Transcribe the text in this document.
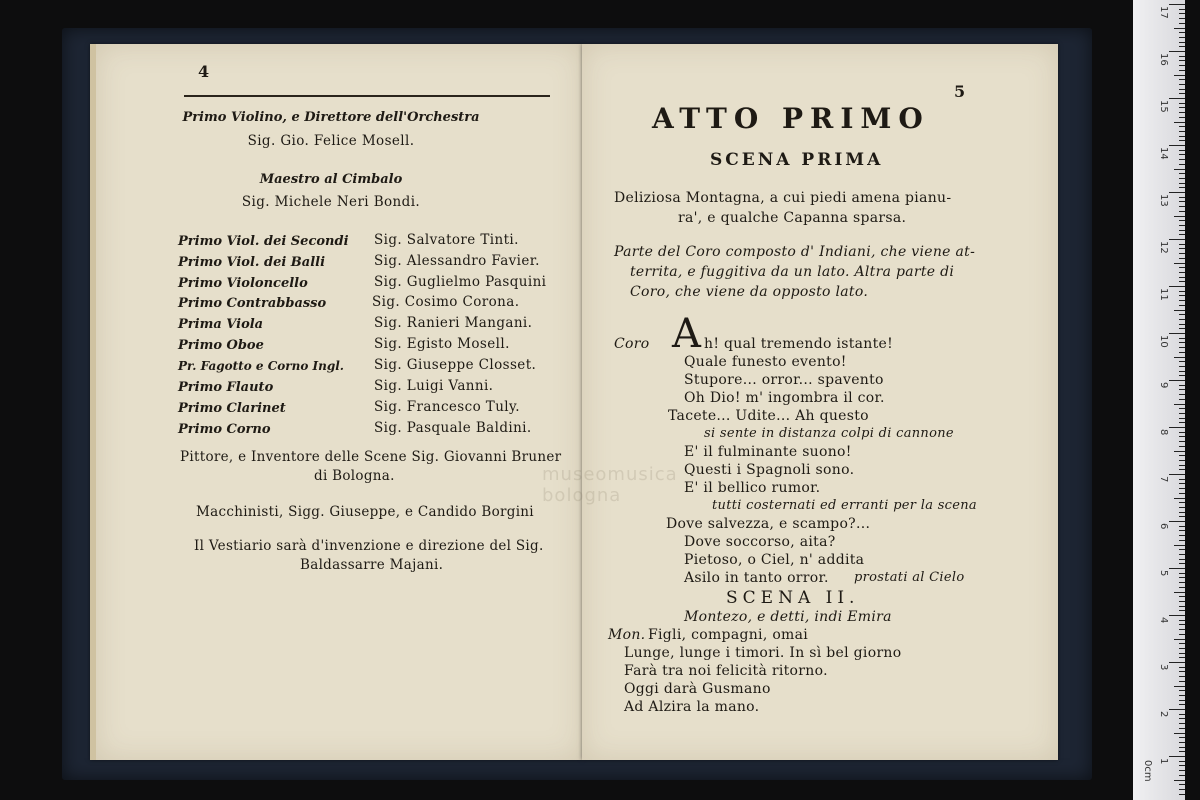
4
Primo Violino, e Direttore dell'Orchestra
Sig. Gio. Felice Mosell.
Maestro al Cimbalo
Sig. Michele Neri Bondi.
Primo Viol. dei Secondi Sig. Salvatore Tinti.
Primo Viol. dei Balli	Sig. Alessandro Favier.
Primo Violoncello	Sig. Guglielmo Pasquini
Primo Contrabbasso	Sig. Cosimo Corona.
Prima Viola	Sig. Ranieri Mangani.
Primo Oboe	Sig. Egisto Mosell.
Pr. Fagotto e Corno Ingl. Sig. Giuseppe Closset.
Primo Flauto	Sig. Luigi Vanni.
Primo Clarinet	Sig. Francesco Tuly.
Primo Corno	Sig. Pasquale Baldini.
Pittore, e Inventore delle Scene Sig. Giovanni Bruner
di Bologna.
Macchinisti, Sigg. Giuseppe, e Candido Borgini
Il Vestiario sarà d'invenzione e direzione del Sig.
Baldassarre Majani.
5
ATTO PRIMO
SCENA PRIMA
Deliziosa Montagna, a cui piedi amena pianu-
ra', e qualche Capanna sparsa.
Parte del Coro composto d' Indiani, che viene at-
territa, e fuggitiva da un lato. Altra parte di
Coro, che viene da opposto lato.
Coro A h! qual tremendo istante!
Quale funesto evento!
Stupore... orror... spavento
Oh Dio! m' ingombra il cor.
Tacete... Udite... Ah questo
si sente in distanza colpi di cannone
E' il fulminante suono!
Questi i Spagnoli sono.
E' il bellico rumor.
tutti costernati ed erranti per la scena
Dove salvezza, e scampo?...
Dove soccorso, aita?
Pietoso, o Ciel, n' addita
Asilo in tanto orror. prostati al Cielo
SCENA II.
Montezo, e detti, indi Emira
Mon. Figli, compagni, omai
Lunge, lunge i timori. In sì bel giorno
Farà tra noi felicità ritorno.
Oggi darà Gusmano
Ad Alzira la mano.
museomusica bologna
17
16
15
14
13
12
11
10
9
8
7
6
5
4
3
2
1
0cm
